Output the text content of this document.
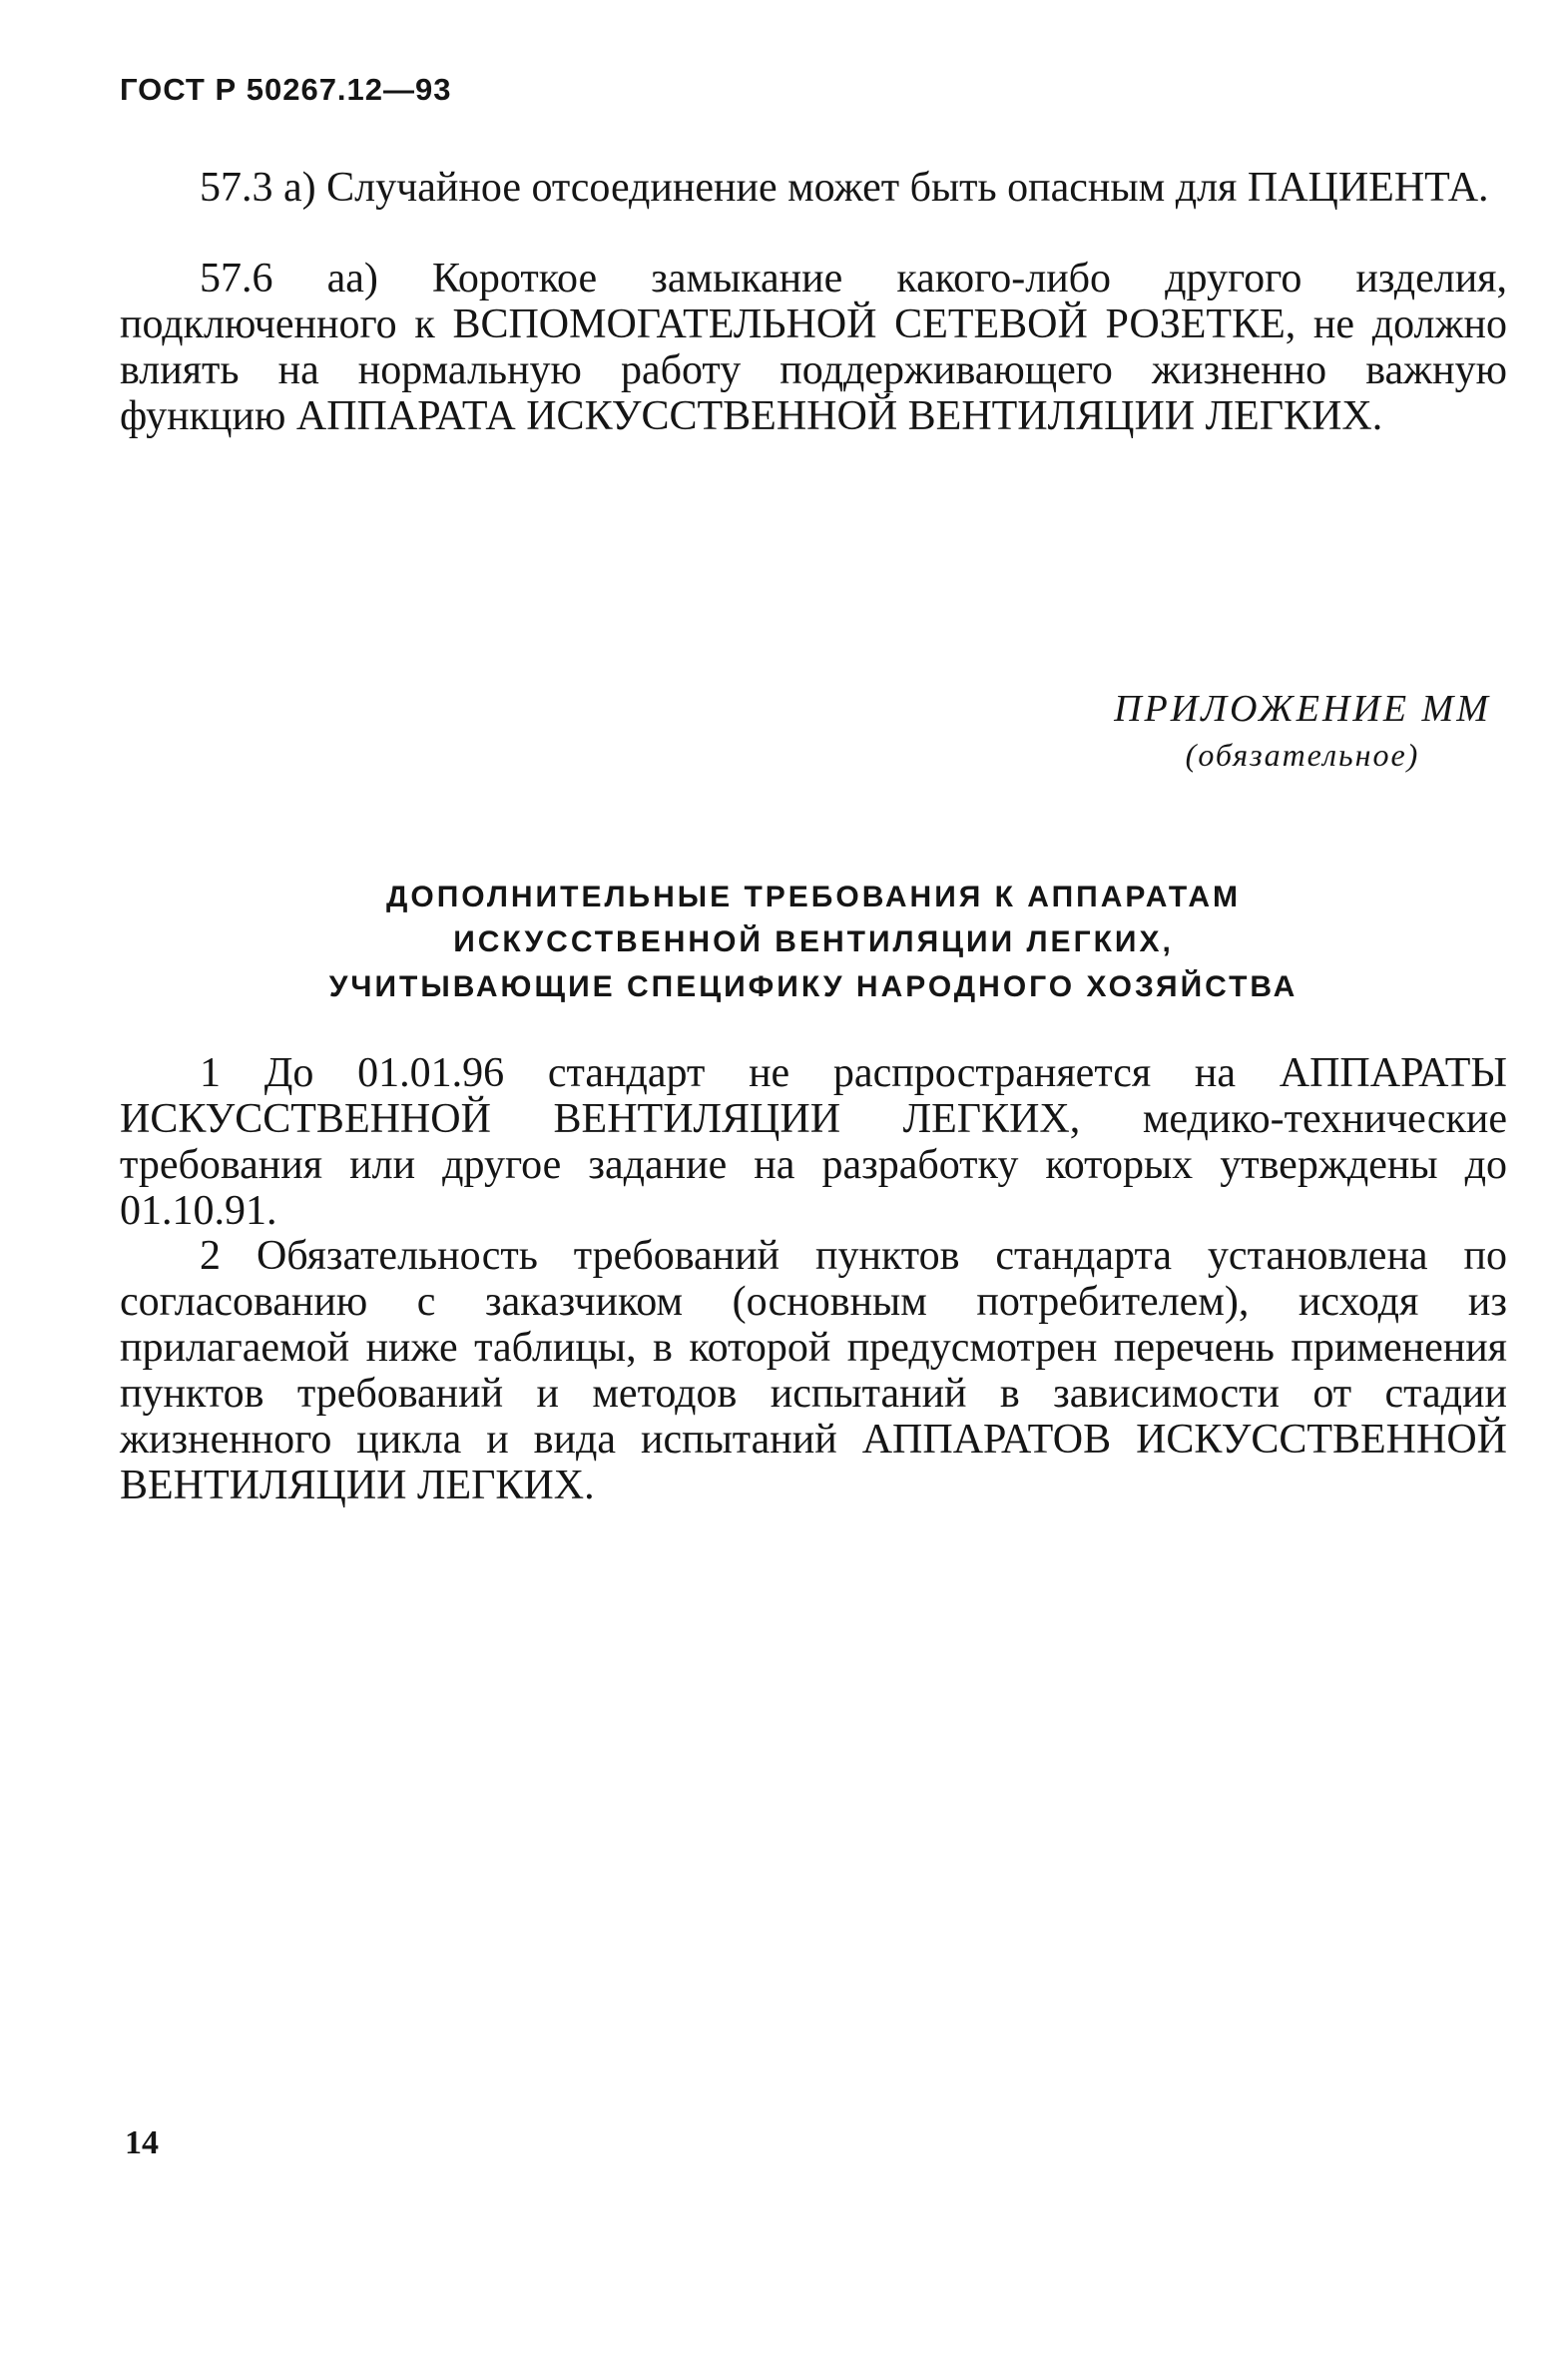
ГОСТ Р 50267.12—93

57.3 а) Случайное отсоединение может быть опасным для ПАЦИЕНТА.

57.6 аа) Короткое замыкание какого-либо другого изделия, подключенного к ВСПОМОГАТЕЛЬНОЙ СЕТЕВОЙ РОЗЕТКЕ, не должно влиять на нормальную работу поддерживающего жизненно важную функцию АППАРАТА ИСКУССТВЕННОЙ ВЕНТИЛЯЦИИ ЛЕГКИХ.

ПРИЛОЖЕНИЕ ММ
(обязательное)
ДОПОЛНИТЕЛЬНЫЕ ТРЕБОВАНИЯ К АППАРАТАМ
ИСКУССТВЕННОЙ ВЕНТИЛЯЦИИ ЛЕГКИХ,
УЧИТЫВАЮЩИЕ СПЕЦИФИКУ НАРОДНОГО ХОЗЯЙСТВА

1 До 01.01.96 стандарт не распространяется на АППАРАТЫ ИСКУССТВЕННОЙ ВЕНТИЛЯЦИИ ЛЕГКИХ, медико-технические требования или другое задание на разработку которых утверждены до 01.10.91.

2 Обязательность требований пунктов стандарта установлена по согласованию с заказчиком (основным потребителем), исходя из прилагаемой ниже таблицы, в которой предусмотрен перечень применения пунктов требований и методов испытаний в зависимости от стадии жизненного цикла и вида испытаний АППАРАТОВ ИСКУССТВЕННОЙ ВЕНТИЛЯЦИИ ЛЕГКИХ.

14
